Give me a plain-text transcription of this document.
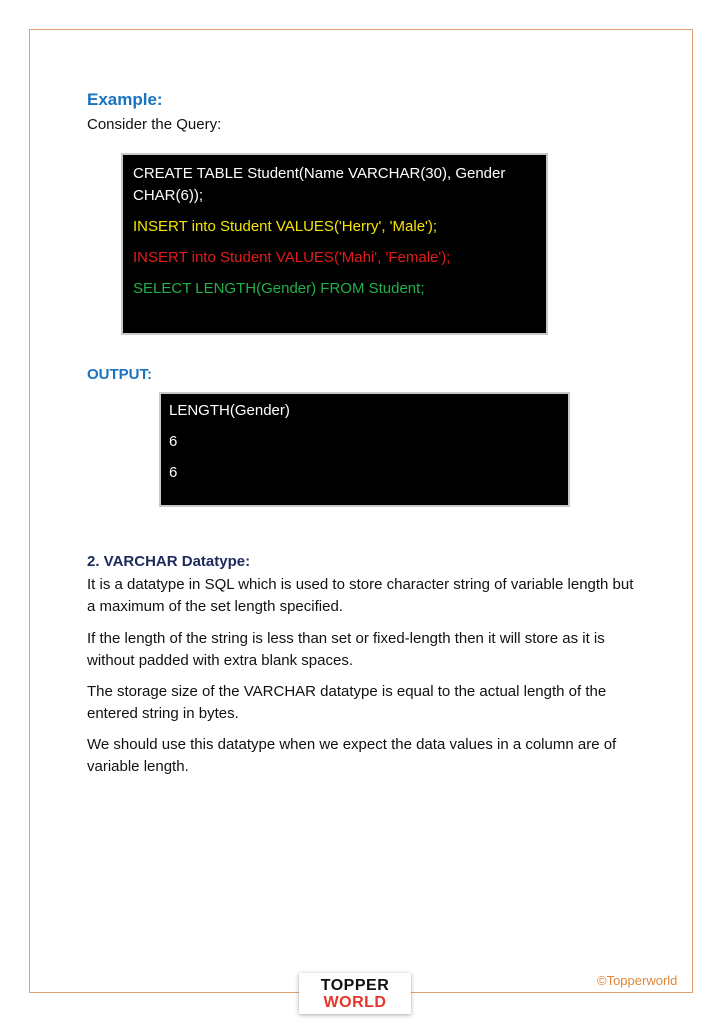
Example:
Consider the Query:
CREATE TABLE Student(Name VARCHAR(30), Gender CHAR(6));
INSERT into Student VALUES('Herry', 'Male');
INSERT into Student VALUES('Mahi', 'Female');
SELECT LENGTH(Gender) FROM Student;
OUTPUT:
LENGTH(Gender)
6
6
2. VARCHAR Datatype:
It is a datatype in SQL which is used to store character string of variable length but a maximum of the set length specified.
If the length of the string is less than set or fixed-length then it will store as it is without padded with extra blank spaces.
The storage size of the VARCHAR datatype is equal to the actual length of the entered string in bytes.
We should use this datatype when we expect the data values in a column are of variable length.
TOPPER
WORLD
©Topperworld
